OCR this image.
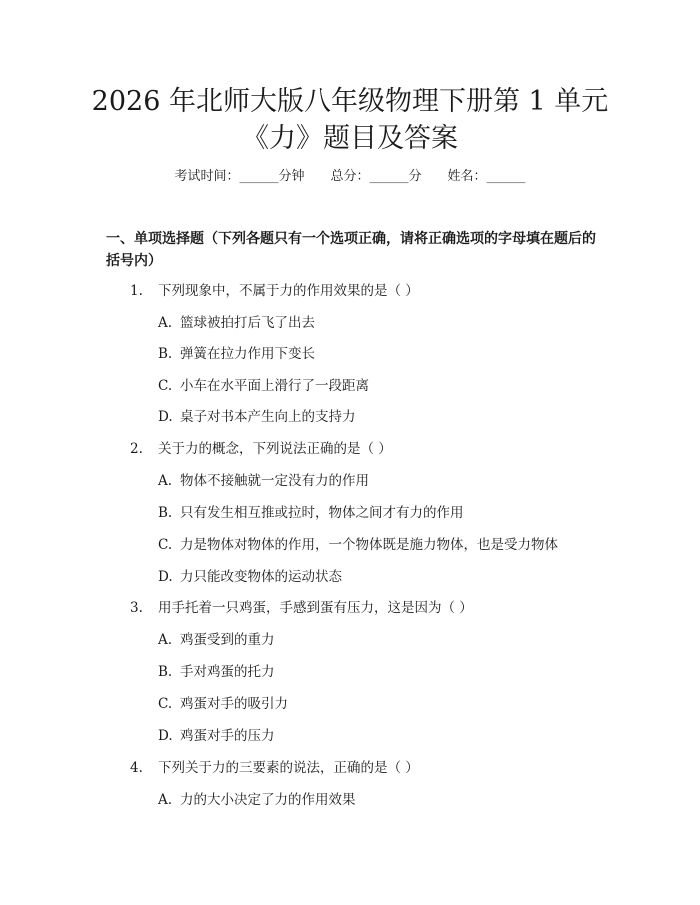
2026 年北师大版八年级物理下册第 1 单元
《力》题目及答案
考试时间：______分钟 总分：______分 姓名：______
一、单项选择题（下列各题只有一个选项正确，请将正确选项的字母填在题后的
括号内）
1. 下列现象中，不属于力的作用效果的是（ ）
A. 篮球被拍打后飞了出去
B. 弹簧在拉力作用下变长
C. 小车在水平面上滑行了一段距离
D. 桌子对书本产生向上的支持力
2. 关于力的概念，下列说法正确的是（ ）
A. 物体不接触就一定没有力的作用
B. 只有发生相互推或拉时，物体之间才有力的作用
C. 力是物体对物体的作用，一个物体既是施力物体，也是受力物体
D. 力只能改变物体的运动状态
3. 用手托着一只鸡蛋，手感到蛋有压力，这是因为（ ）
A. 鸡蛋受到的重力
B. 手对鸡蛋的托力
C. 鸡蛋对手的吸引力
D. 鸡蛋对手的压力
4. 下列关于力的三要素的说法，正确的是（ ）
A. 力的大小决定了力的作用效果
